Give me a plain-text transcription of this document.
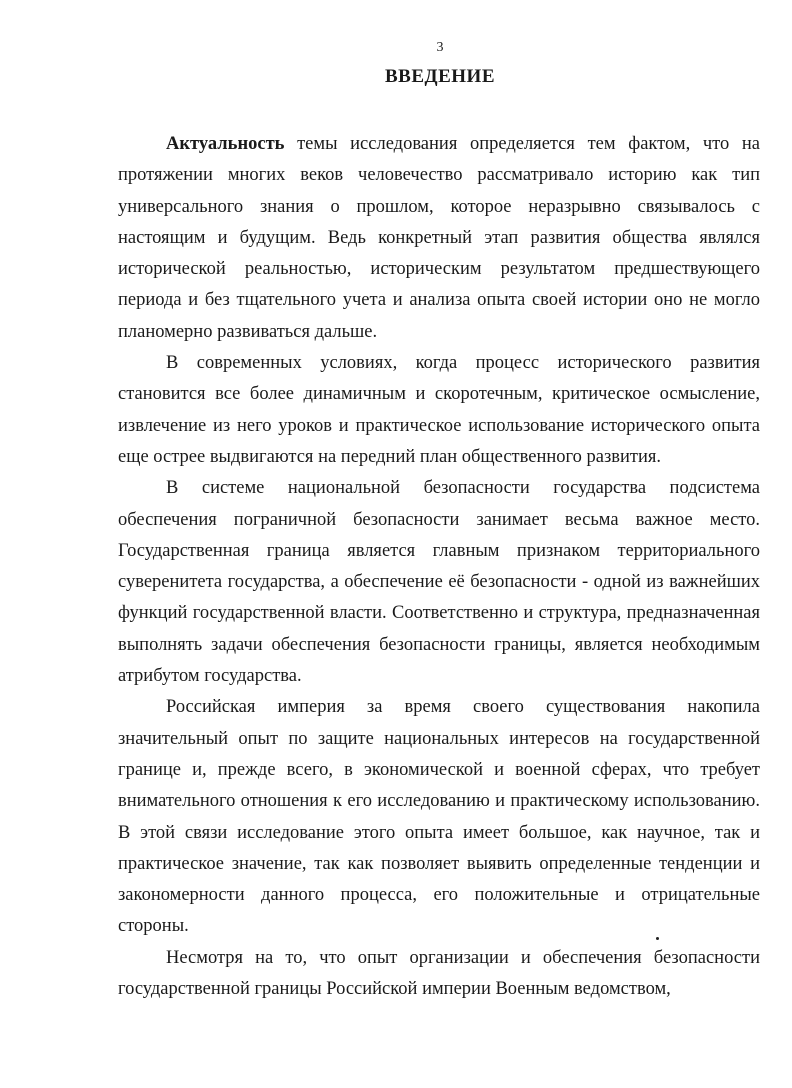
3
ВВЕДЕНИЕ

Актуальность темы исследования определяется тем фактом, что на протяжении многих веков человечество рассматривало историю как тип универсального знания о прошлом, которое неразрывно связывалось с настоящим и будущим. Ведь конкретный этап развития общества являлся исторической реальностью, историческим результатом предшествующего периода и без тщательного учета и анализа опыта своей истории оно не могло планомерно развиваться дальше.

В современных условиях, когда процесс исторического развития становится все более динамичным и скоротечным, критическое осмысление, извлечение из него уроков и практическое использование исторического опыта еще острее выдвигаются на передний план общественного развития.

В системе национальной безопасности государства подсистема обеспечения пограничной безопасности занимает весьма важное место. Государственная граница является главным признаком территориального суверенитета государства, а обеспечение её безопасности - одной из важнейших функций государственной власти. Соответственно и структура, предназначенная выполнять задачи обеспечения безопасности границы, является необходимым атрибутом государства.

Российская империя за время своего существования накопила значительный опыт по защите национальных интересов на государственной границе и, прежде всего, в экономической и военной сферах, что требует внимательного отношения к его исследованию и практическому использованию. В этой связи исследование этого опыта имеет большое, как научное, так и практическое значение, так как позволяет выявить определенные тенденции и закономерности данного процесса, его положительные и отрицательные стороны.

Несмотря на то, что опыт организации и обеспечения безопасности государственной границы Российской империи Военным ведомством,
